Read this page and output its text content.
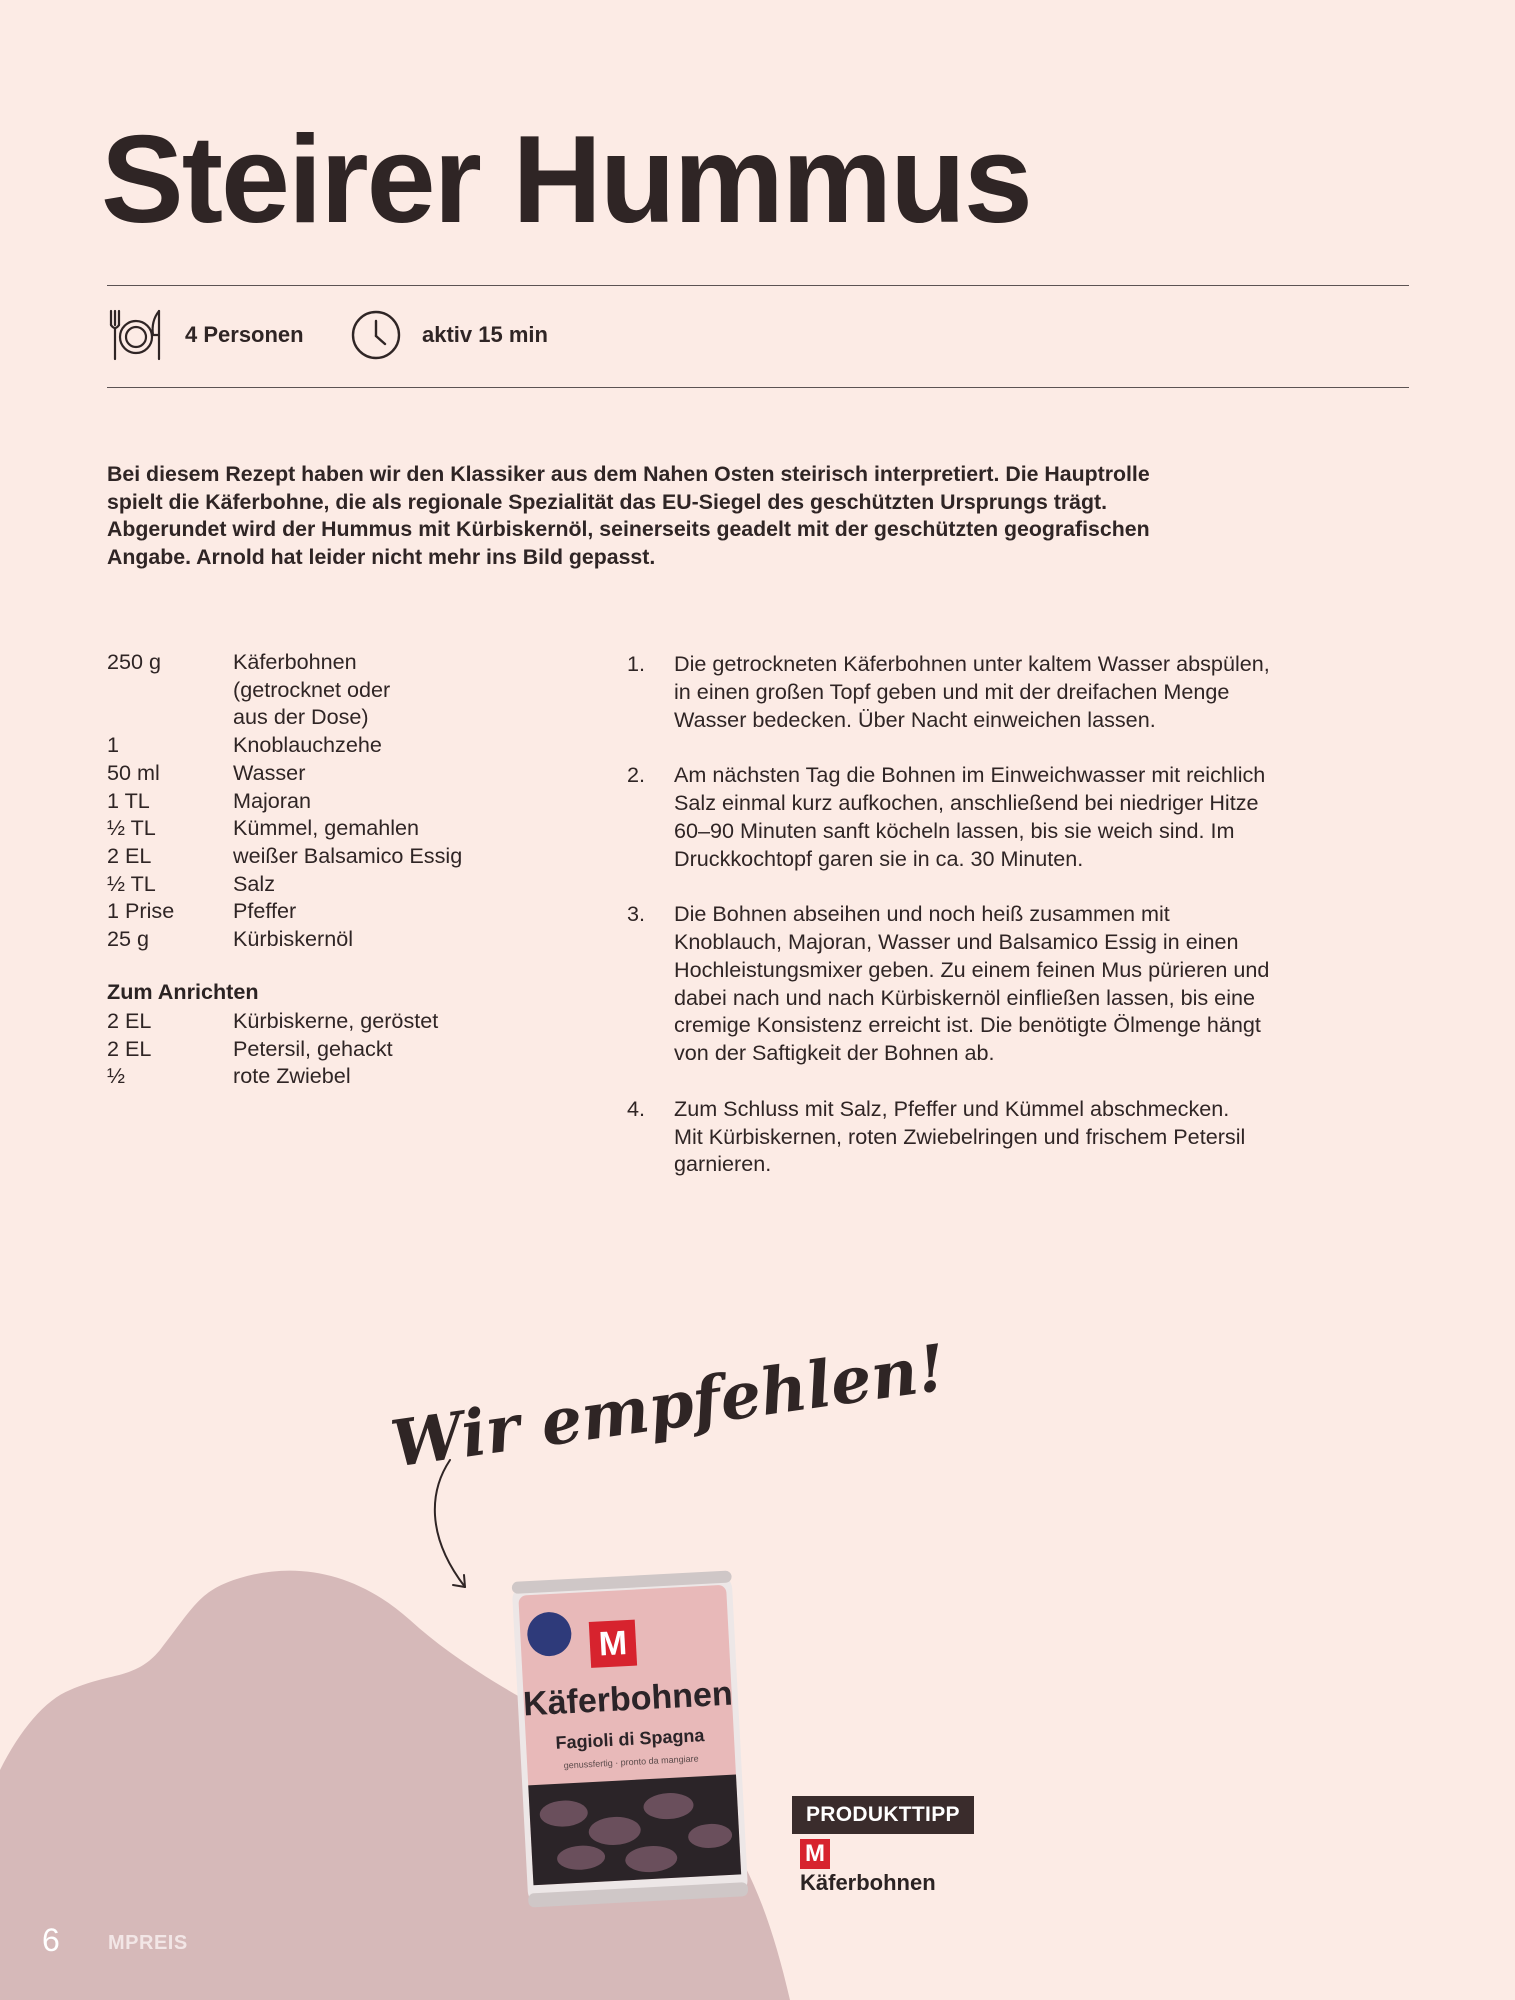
Steirer Hummus
4 Personen	aktiv 15 min

Bei diesem Rezept haben wir den Klassiker aus dem Nahen Osten steirisch interpretiert. Die Hauptrolle

spielt die Käferbohne, die als regionale Spezialität das EU-Siegel des geschützten Ursprungs trägt.

Abgerundet wird der Hummus mit Kürbiskernöl, seinerseits geadelt mit der geschützten geografischen

Angabe. Arnold hat leider nicht mehr ins Bild gepasst.

250 g	Käferbohnen
(getrocknet oder
aus der Dose)

1	Knoblauchzehe
50 ml	Wasser
1 TL	Majoran
½ TL	Kümmel, gemahlen
2 EL	weißer Balsamico Essig
½ TL	Salz
1 Prise	Pfeffer
25 g	Kürbiskernöl
Zum Anrichten
2 EL	Kürbiskerne, geröstet
2 EL	Petersil, gehackt
½	rote Zwiebel
1. Die getrockneten Käferbohnen unter kaltem Wasser abspülen,
in einen großen Topf geben und mit der dreifachen Menge
Wasser bedecken. Über Nacht einweichen lassen.
2. Am nächsten Tag die Bohnen im Einweichwasser mit reichlich
Salz einmal kurz aufkochen, anschließend bei niedriger Hitze
60–90 Minuten sanft köcheln lassen, bis sie weich sind. Im
Druckkochtopf garen sie in ca. 30 Minuten.
3. Die Bohnen abseihen und noch heiß zusammen mit
Knoblauch, Majoran, Wasser und Balsamico Essig in einen
Hochleistungsmixer geben. Zu einem feinen Mus pürieren und
dabei nach und nach Kürbiskernöl einfließen lassen, bis eine
cremige Konsistenz erreicht ist. Die benötigte Ölmenge hängt
von der Saftigkeit der Bohnen ab.
4. Zum Schluss mit Salz, Pfeffer und Kümmel abschmecken.
Mit Kürbiskernen, roten Zwiebelringen und frischem Petersil
garnieren.
Wir empfehlen!
M
Käferbohnen
Fagioli di Spagna
genussfertig · pronto da mangiare
PRODUKTTIPP
M
Käferbohnen
6 MPREIS
